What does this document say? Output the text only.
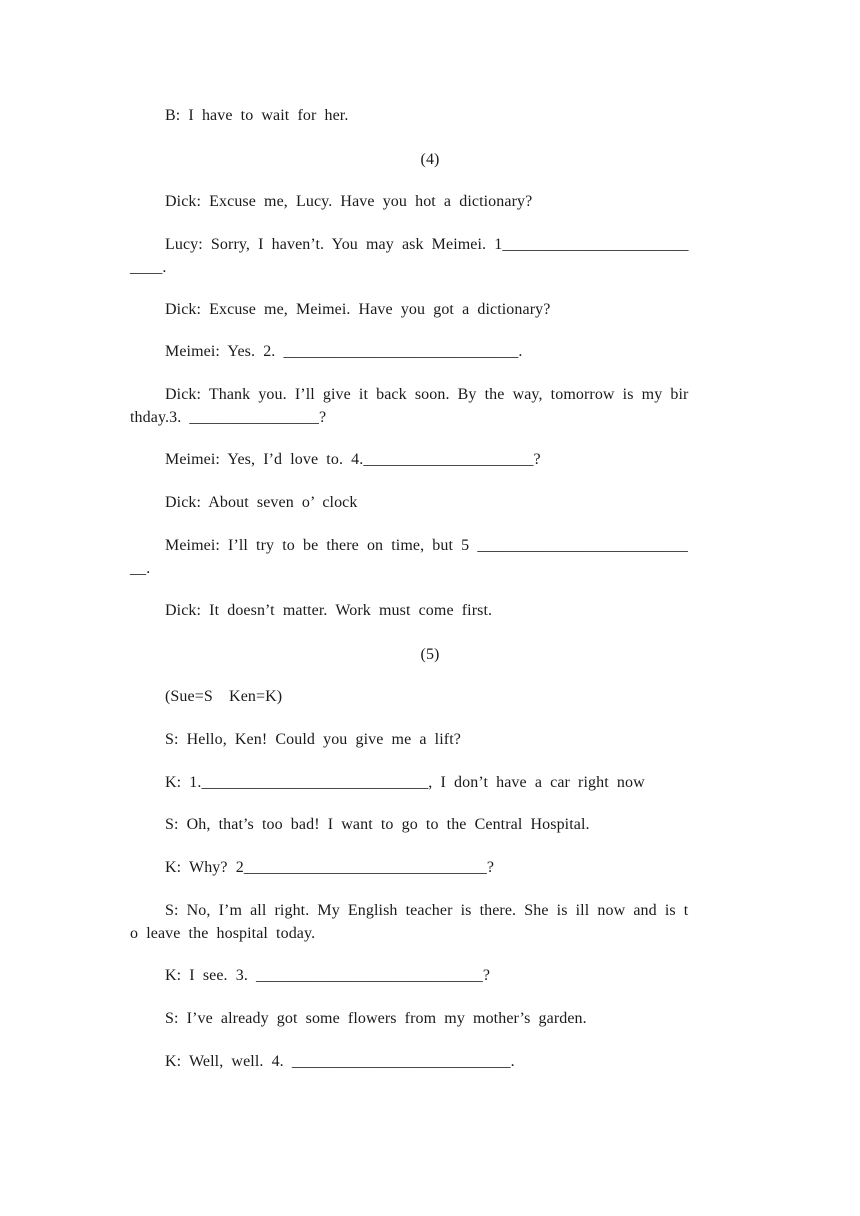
B: I have to wait for her.
(4)
Dick: Excuse me, Lucy. Have you hot a dictionary?
Lucy: Sorry, I haven’t. You may ask Meimei. 1_______________________
____.
Dick: Excuse me, Meimei. Have you got a dictionary?
Meimei: Yes. 2. _____________________________.
Dick: Thank you. I’ll give it back soon. By the way, tomorrow is my bir
thday.3. ________________?
Meimei: Yes, I’d love to. 4._____________________?
Dick: About seven o’ clock
Meimei: I’ll try to be there on time, but 5 __________________________
__.
Dick: It doesn’t matter. Work must come first.
(5)
(Sue=S  Ken=K)
S: Hello, Ken! Could you give me a lift?
K: 1.____________________________, I don’t have a car right now
S: Oh, that’s too bad! I want to go to the Central Hospital.
K: Why? 2______________________________?
S: No, I’m all right. My English teacher is there. She is ill now and is t
o leave the hospital today.
K: I see. 3. ____________________________?
S: I’ve already got some flowers from my mother’s garden.
K: Well, well. 4. ___________________________.
